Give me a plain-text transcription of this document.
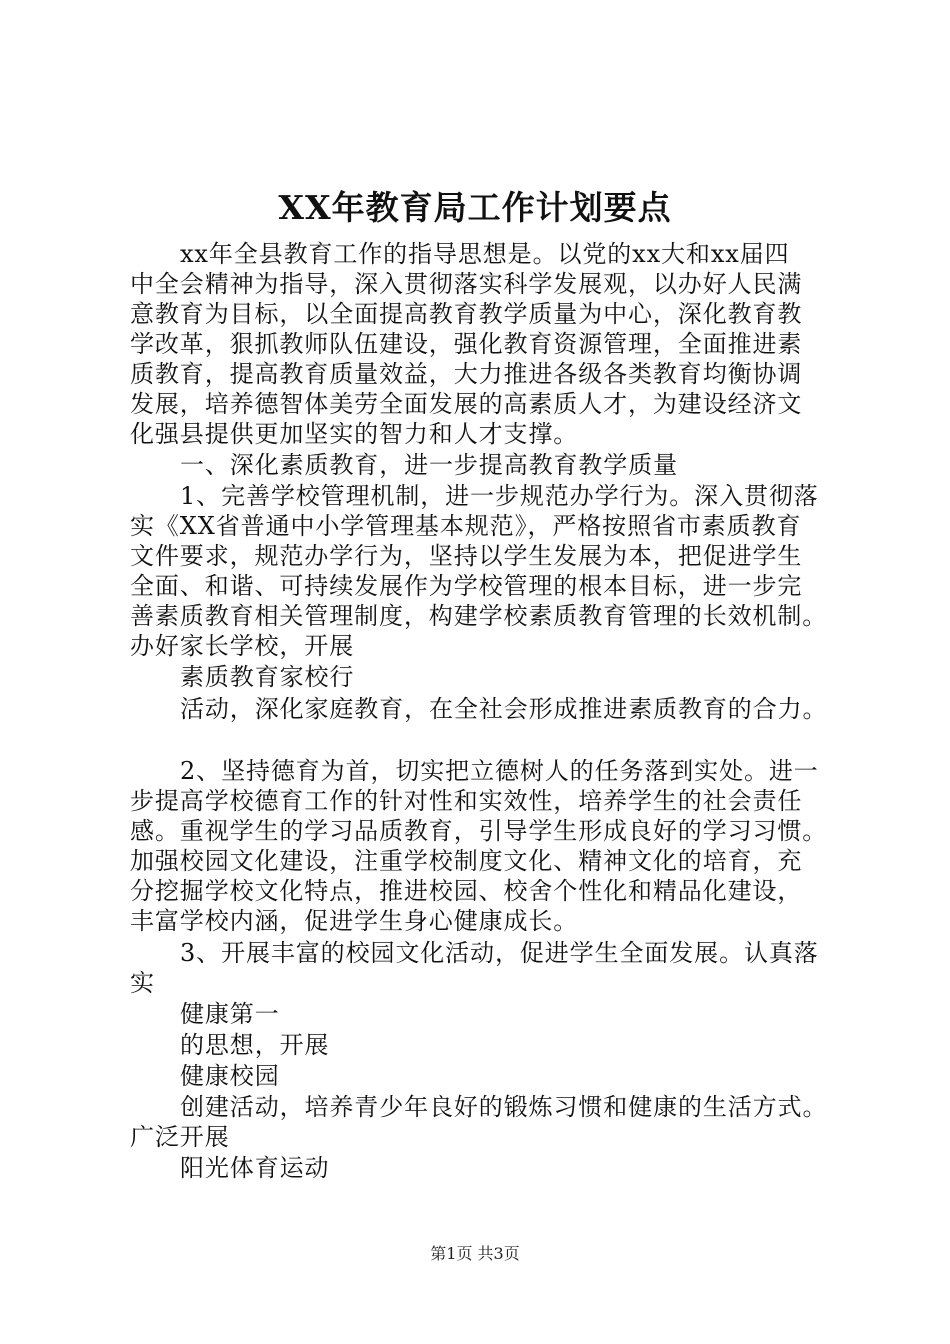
XX年教育局工作计划要点
xx年全县教育工作的指导思想是。以党的xx大和xx届四
中全会精神为指导，深入贯彻落实科学发展观，以办好人民满
意教育为目标，以全面提高教育教学质量为中心，深化教育教
学改革，狠抓教师队伍建设，强化教育资源管理，全面推进素
质教育，提高教育质量效益，大力推进各级各类教育均衡协调
发展，培养德智体美劳全面发展的高素质人才，为建设经济文
化强县提供更加坚实的智力和人才支撑。
一、深化素质教育，进一步提高教育教学质量
1、完善学校管理机制，进一步规范办学行为。深入贯彻落
实《XX省普通中小学管理基本规范》，严格按照省市素质教育
文件要求，规范办学行为，坚持以学生发展为本，把促进学生
全面、和谐、可持续发展作为学校管理的根本目标，进一步完
善素质教育相关管理制度，构建学校素质教育管理的长效机制。
办好家长学校，开展
素质教育家校行
活动，深化家庭教育，在全社会形成推进素质教育的合力。
2、坚持德育为首，切实把立德树人的任务落到实处。进一
步提高学校德育工作的针对性和实效性，培养学生的社会责任
感。重视学生的学习品质教育，引导学生形成良好的学习习惯。
加强校园文化建设，注重学校制度文化、精神文化的培育，充
分挖掘学校文化特点，推进校园、校舍个性化和精品化建设，
丰富学校内涵，促进学生身心健康成长。
3、开展丰富的校园文化活动，促进学生全面发展。认真落
实
健康第一
的思想，开展
健康校园
创建活动，培养青少年良好的锻炼习惯和健康的生活方式。
广泛开展
阳光体育运动
第1页 共3页
